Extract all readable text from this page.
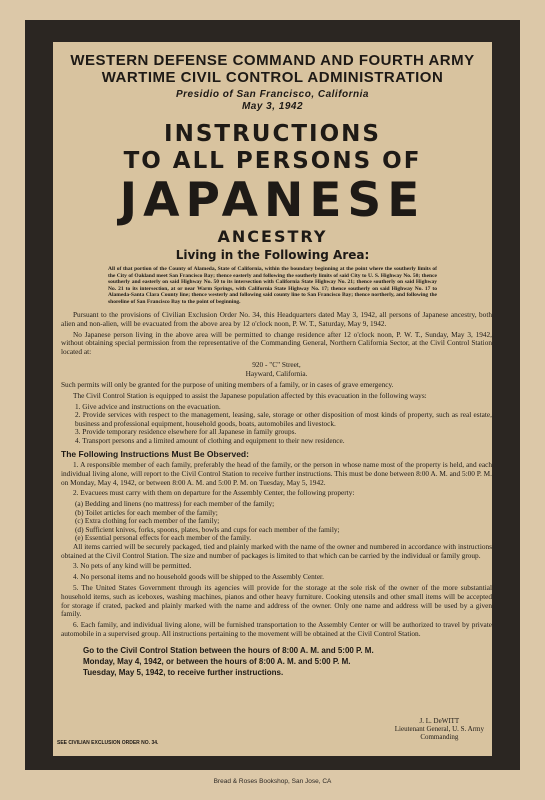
WESTERN DEFENSE COMMAND AND FOURTH ARMY
WARTIME CIVIL CONTROL ADMINISTRATION
Presidio of San Francisco, California
May 3, 1942
INSTRUCTIONS
TO ALL PERSONS OF
JAPANESE
ANCESTRY
Living in the Following Area:
All of that portion of the County of Alameda, State of California, within the boundary beginning at the point where the southerly limits of the City of Oakland meet San Francisco Bay; thence easterly and following the southerly limits of said City to U. S. Highway No. 50; thence southerly and easterly on said Highway No. 50 to its intersection with California State Highway No. 21; thence southerly on said Highway No. 21 to its intersection, at or near Warm Springs, with California State Highway No. 17; thence southerly on said Highway No. 17 to Alameda-Santa Clara County line; thence westerly and following said county line to San Francisco Bay; thence northerly, and following the shoreline of San Francisco Bay to the point of beginning.

Pursuant to the provisions of Civilian Exclusion Order No. 34, this Headquarters dated May 3, 1942, all persons of Japanese ancestry, both alien and non-alien, will be evacuated from the above area by 12 o'clock noon, P. W. T., Saturday, May 9, 1942.

No Japanese person living in the above area will be permitted to change residence after 12 o'clock noon, P. W. T., Sunday, May 3, 1942, without obtaining special permission from the representative of the Commanding General, Northern California Sector, at the Civil Control Station located at:

920 - "C" Street,
Hayward, California.

Such permits will only be granted for the purpose of uniting members of a family, or in cases of grave emergency.

The Civil Control Station is equipped to assist the Japanese population affected by this evacuation in the following ways:

1. Give advice and instructions on the evacuation.
2. Provide services with respect to the management, leasing, sale, storage or other disposition of most kinds of property, such as real estate, business and professional equipment, household goods, boats, automobiles and livestock.
3. Provide temporary residence elsewhere for all Japanese in family groups.
4. Transport persons and a limited amount of clothing and equipment to their new residence.
The Following Instructions Must Be Observed:

1. A responsible member of each family, preferably the head of the family, or the person in whose name most of the property is held, and each individual living alone, will report to the Civil Control Station to receive further instructions. This must be done between 8:00 A. M. and 5:00 P. M. on Monday, May 4, 1942, or between 8:00 A. M. and 5:00 P. M. on Tuesday, May 5, 1942.

2. Evacuees must carry with them on departure for the Assembly Center, the following property:

(a) Bedding and linens (no mattress) for each member of the family;
(b) Toilet articles for each member of the family;
(c) Extra clothing for each member of the family;
(d) Sufficient knives, forks, spoons, plates, bowls and cups for each member of the family;
(e) Essential personal effects for each member of the family.

All items carried will be securely packaged, tied and plainly marked with the name of the owner and numbered in accordance with instructions obtained at the Civil Control Station. The size and number of packages is limited to that which can be carried by the individual or family group.

3. No pets of any kind will be permitted.

4. No personal items and no household goods will be shipped to the Assembly Center.

5. The United States Government through its agencies will provide for the storage at the sole risk of the owner of the more substantial household items, such as iceboxes, washing machines, pianos and other heavy furniture. Cooking utensils and other small items will be accepted for storage if crated, packed and plainly marked with the name and address of the owner. Only one name and address will be used by a given family.

6. Each family, and individual living alone, will be furnished transportation to the Assembly Center or will be authorized to travel by private automobile in a supervised group. All instructions pertaining to the movement will be obtained at the Civil Control Station.

Go to the Civil Control Station between the hours of 8:00 A. M. and 5:00 P. M.
Monday, May 4, 1942, or between the hours of 8:00 A. M. and 5:00 P. M.
Tuesday, May 5, 1942, to receive further instructions.
J. L. DeWITT
Lieutenant General, U. S. Army
Commanding
SEE CIVILIAN EXCLUSION ORDER NO. 34.
Bread & Roses Bookshop, San Jose, CA
